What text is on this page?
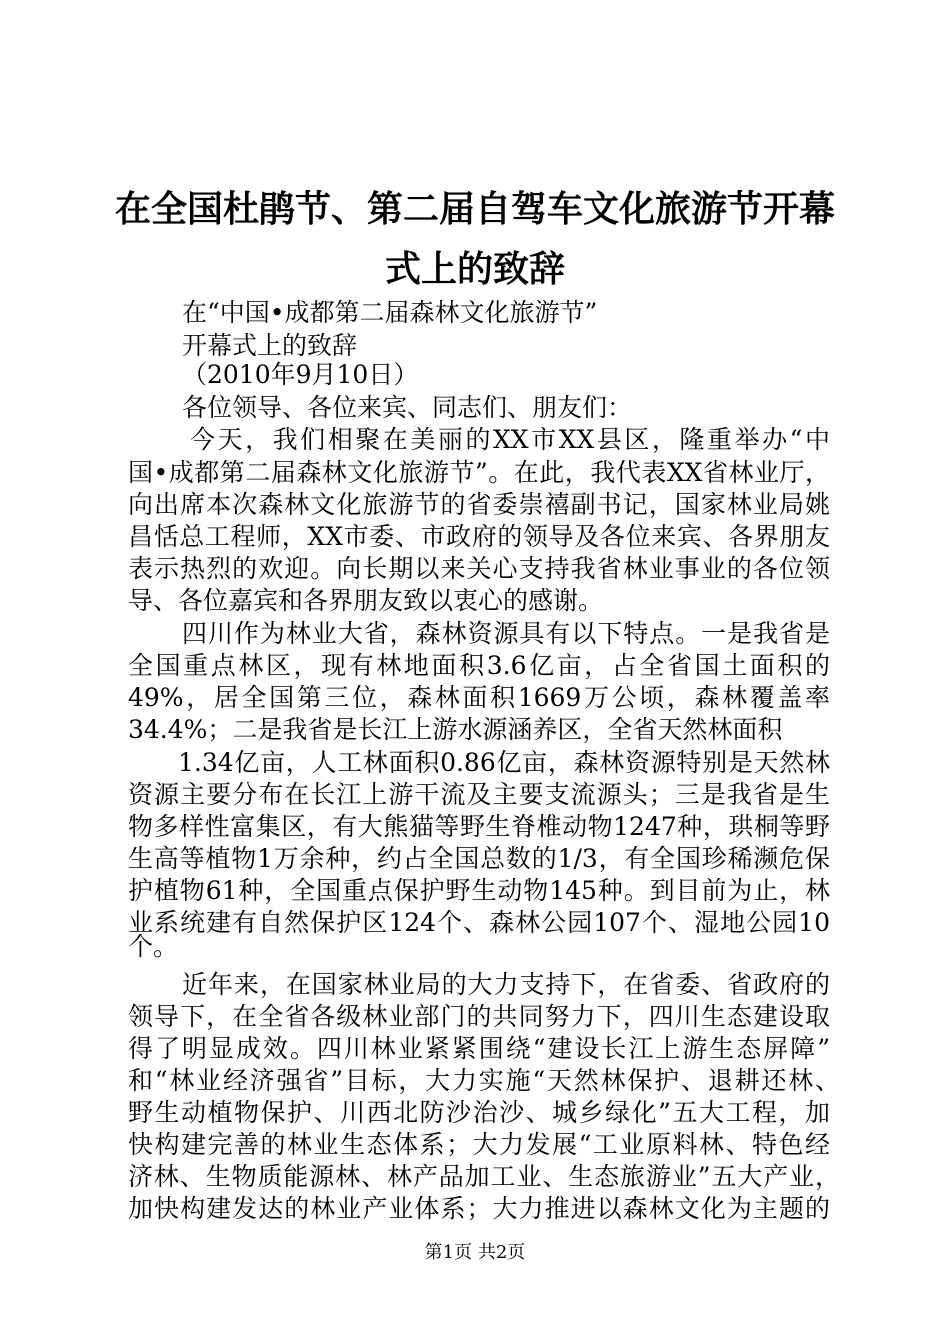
在全国杜鹃节、第二届自驾车文化旅游节开幕
式上的致辞
在“中国•成都第二届森林文化旅游节”
开幕式上的致辞
（2010年9月10日）
各位领导、各位来宾、同志们、朋友们：
今天，我们相聚在美丽的XX市XX县区，隆重举办“中
国•成都第二届森林文化旅游节”。在此，我代表XX省林业厅，
向出席本次森林文化旅游节的省委崇禧副书记，国家林业局姚
昌恬总工程师，XX市委、市政府的领导及各位来宾、各界朋友
表示热烈的欢迎。向长期以来关心支持我省林业事业的各位领
导、各位嘉宾和各界朋友致以衷心的感谢。
四川作为林业大省，森林资源具有以下特点。一是我省是
全国重点林区，现有林地面积3.6亿亩，占全省国土面积的
49%，居全国第三位，森林面积1669万公顷，森林覆盖率
34.4%；二是我省是长江上游水源涵养区，全省天然林面积
1.34亿亩，人工林面积0.86亿亩，森林资源特别是天然林
资源主要分布在长江上游干流及主要支流源头；三是我省是生
物多样性富集区，有大熊猫等野生脊椎动物1247种，珙桐等野
生高等植物1万余种，约占全国总数的1/3，有全国珍稀濒危保
护植物61种，全国重点保护野生动物145种。到目前为止，林
业系统建有自然保护区124个、森林公园107个、湿地公园10
个。
近年来，在国家林业局的大力支持下，在省委、省政府的
领导下，在全省各级林业部门的共同努力下，四川生态建设取
得了明显成效。四川林业紧紧围绕“建设长江上游生态屏障”
和“林业经济强省”目标，大力实施“天然林保护、退耕还林、
野生动植物保护、川西北防沙治沙、城乡绿化”五大工程，加
快构建完善的林业生态体系；大力发展“工业原料林、特色经
济林、生物质能源林、林产品加工业、生态旅游业”五大产业，
加快构建发达的林业产业体系；大力推进以森林文化为主题的
第1页 共2页
